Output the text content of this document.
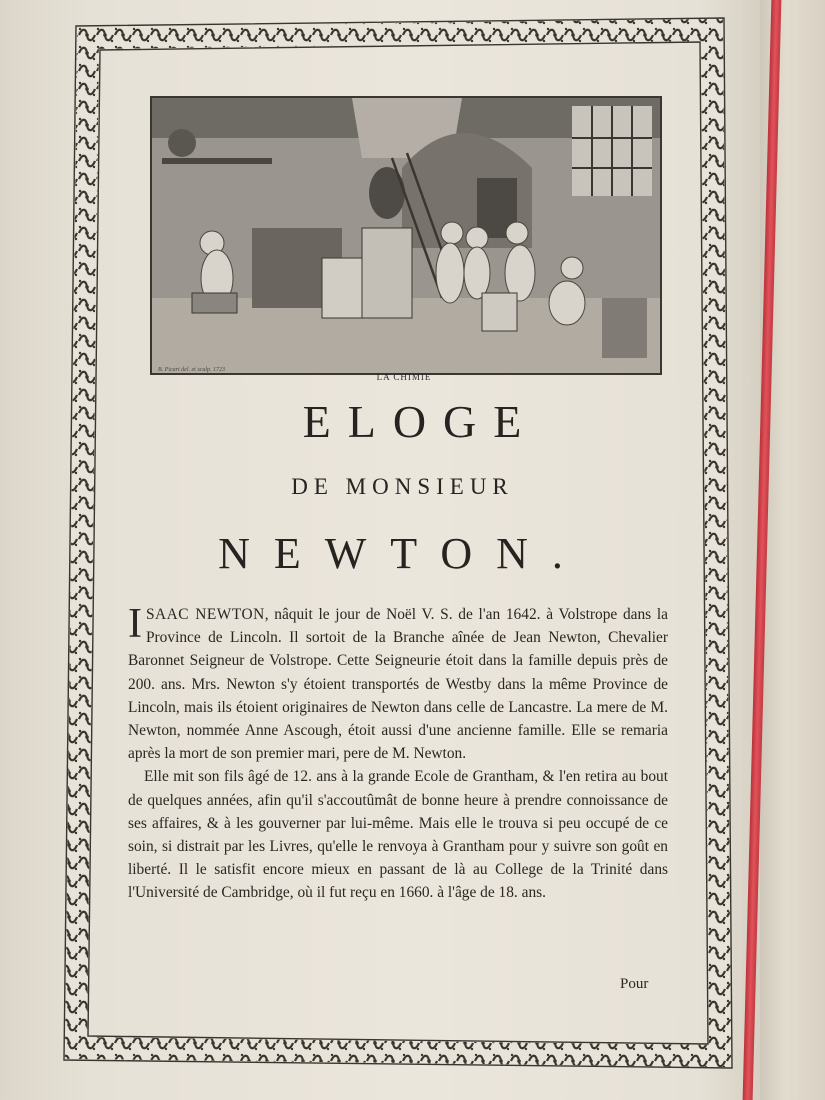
B. Picart del. et sculp. 1723
LA CHIMIE
ELOGE
DE MONSIEUR
NEWTON.

ISAAC NEWTON, nâquit le jour de Noël V. S. de l'an 1642. à Volstrope dans la Province de Lincoln. Il sortoit de la Branche aînée de Jean Newton, Chevalier Baronnet Seigneur de Volstrope. Cette Seigneurie étoit dans la famille depuis près de 200. ans. Mrs. Newton s'y étoient transportés de Westby dans la même Province de Lincoln, mais ils étoient originaires de Newton dans celle de Lancastre. La mere de M. Newton, nommée Anne Ascough, étoit aussi d'une ancienne famille. Elle se remaria après la mort de son premier mari, pere de M. Newton.

Elle mit son fils âgé de 12. ans à la grande Ecole de Grantham, & l'en retira au bout de quelques années, afin qu'il s'accoutûmât de bonne heure à prendre connoissance de ses affaires, & à les gouverner par lui-même. Mais elle le trouva si peu occupé de ce soin, si distrait par les Livres, qu'elle le renvoya à Grantham pour y suivre son goût en liberté. Il le satisfit encore mieux en passant de là au College de la Trinité dans l'Université de Cambridge, où il fut reçu en 1660. à l'âge de 18. ans.

Pour
